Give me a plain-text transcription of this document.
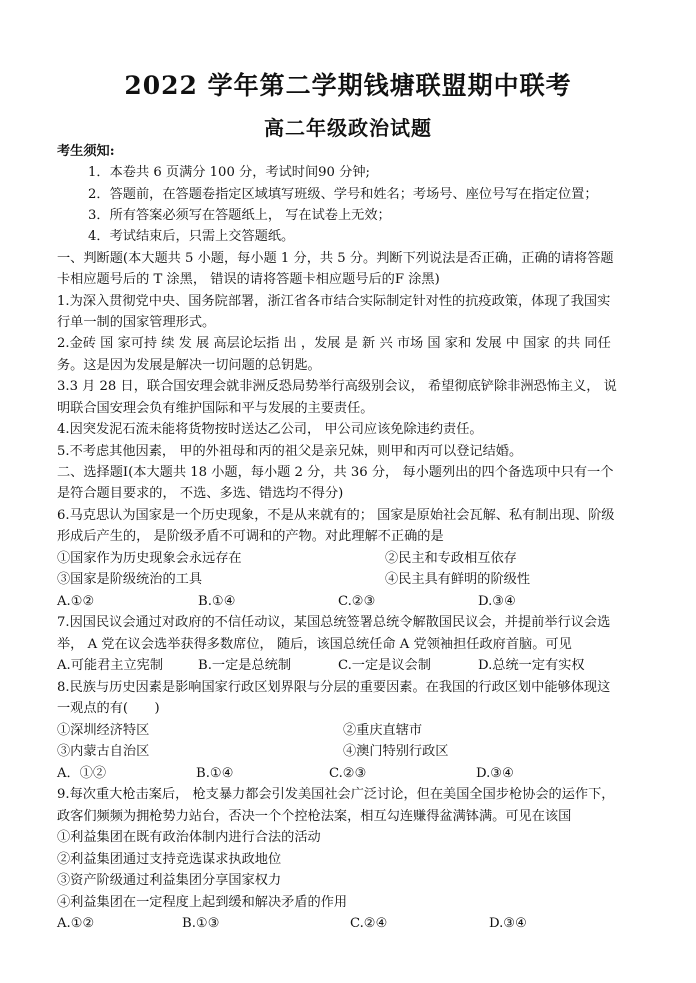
2022 学年第二学期钱塘联盟期中联考
高二年级政治试题
考生须知:
1．本卷共 6 页满分 100 分，考试时间90 分钟;
2．答题前，在答题卷指定区域填写班级、学号和姓名；考场号、座位号写在指定位置；
3．所有答案必须写在答题纸上， 写在试卷上无效；
4．考试结束后，只需上交答题纸。
一、判断题(本大题共 5 小题，每小题 1 分，共 5 分。判断下列说法是否正确，正确的请将答题
卡相应题号后的 T 涂黑， 错误的请将答题卡相应题号后的F 涂黑)
1.为深入贯彻党中央、国务院部署，浙江省各市结合实际制定针对性的抗疫政策，体现了我国实
行单一制的国家管理形式。
2.金砖 国 家可持 续 发 展 高层论坛指 出 ，发展 是 新 兴 市场 国 家和 发展 中 国家 的共 同任
务。这是因为发展是解决一切问题的总钥匙。
3.3 月 28 日，联合国安理会就非洲反恐局势举行高级别会议， 希望彻底铲除非洲恐怖主义， 说
明联合国安理会负有维护国际和平与发展的主要责任。
4.因突发泥石流未能将货物按时送达乙公司， 甲公司应该免除违约责任。
5.不考虑其他因素， 甲的外祖母和丙的祖父是亲兄妹，则甲和丙可以登记结婚。
二、选择题Ⅰ(本大题共 18 小题，每小题 2 分，共 36 分， 每小题列出的四个备选项中只有一个
是符合题目要求的， 不选、多选、错选均不得分)
6.马克思认为国家是一个历史现象，不是从来就有的； 国家是原始社会瓦解、私有制出现、阶级
形成后产生的， 是阶级矛盾不可调和的产物。对此理解不正确的是
①国家作为历史现象会永远存在	②民主和专政相互依存
③国家是阶级统治的工具	④民主具有鲜明的阶级性
A.①②	B.①④	C.②③	D.③④
7.因国民议会通过对政府的不信任动议，某国总统签署总统令解散国民议会，并提前举行议会选
举， A 党在议会选举获得多数席位， 随后，该国总统任命 A 党领袖担任政府首脑。可见
A.可能君主立宪制	B.一定是总统制	C.一定是议会制	D.总统一定有实权
8.民族与历史因素是影响国家行政区划界限与分层的重要因素。在我国的行政区划中能够体现这
一观点的有(　　)
①深圳经济特区	②重庆直辖市
③内蒙古自治区	④澳门特别行政区
A．①②	B.①④	C.②③	D.③④
9.每次重大枪击案后， 枪支暴力都会引发美国社会广泛讨论，但在美国全国步枪协会的运作下，
政客们频频为拥枪势力站台，否决一个个控枪法案，相互勾连赚得盆满钵满。可见在该国
①利益集团在既有政治体制内进行合法的活动
②利益集团通过支持竞选谋求执政地位
③资产阶级通过利益集团分享国家权力
④利益集团在一定程度上起到缓和解决矛盾的作用
A.①②	B.①③	C.②④	D.③④
